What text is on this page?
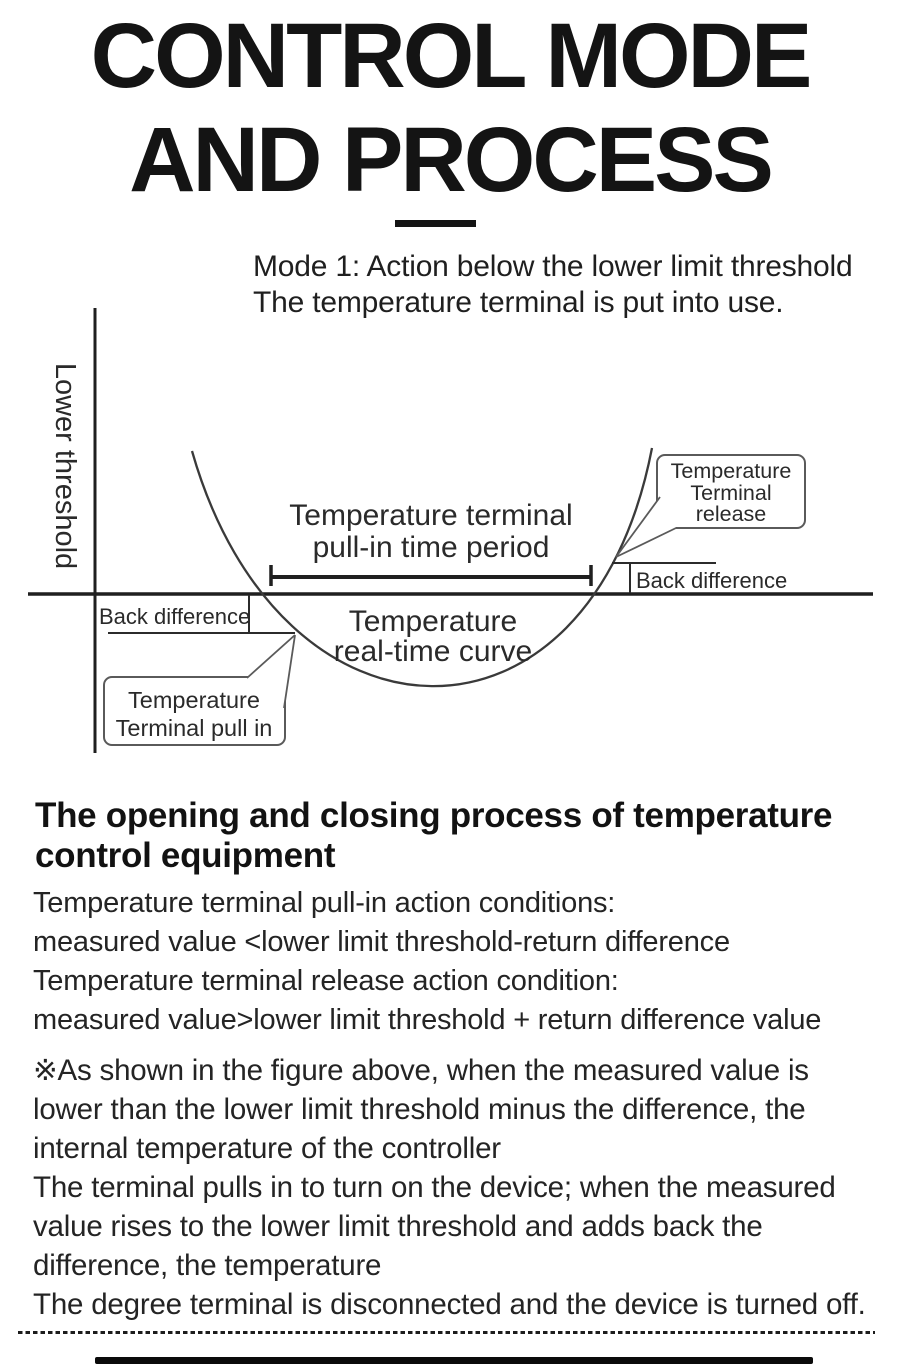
CONTROL MODE
AND PROCESS
Mode 1: Action below the lower limit threshold
The temperature terminal is put into use.
Back difference
Back difference
Lower threshold	Temperature terminal
pull-in time period
Temperature
real-time curve
Temperature
Terminal
release
Temperature
Terminal pull in
The opening and closing process of temperature
control equipment
Temperature terminal pull-in action conditions:
measured value <lower limit threshold-return difference
Temperature terminal release action condition:
measured value>lower limit threshold + return difference value
※As shown in the figure above, when the measured value is
lower than the lower limit threshold minus the difference, the
internal temperature of the controller
The terminal pulls in to turn on the device; when the measured
value rises to the lower limit threshold and adds back the
difference, the temperature
The degree terminal is disconnected and the device is turned off.
